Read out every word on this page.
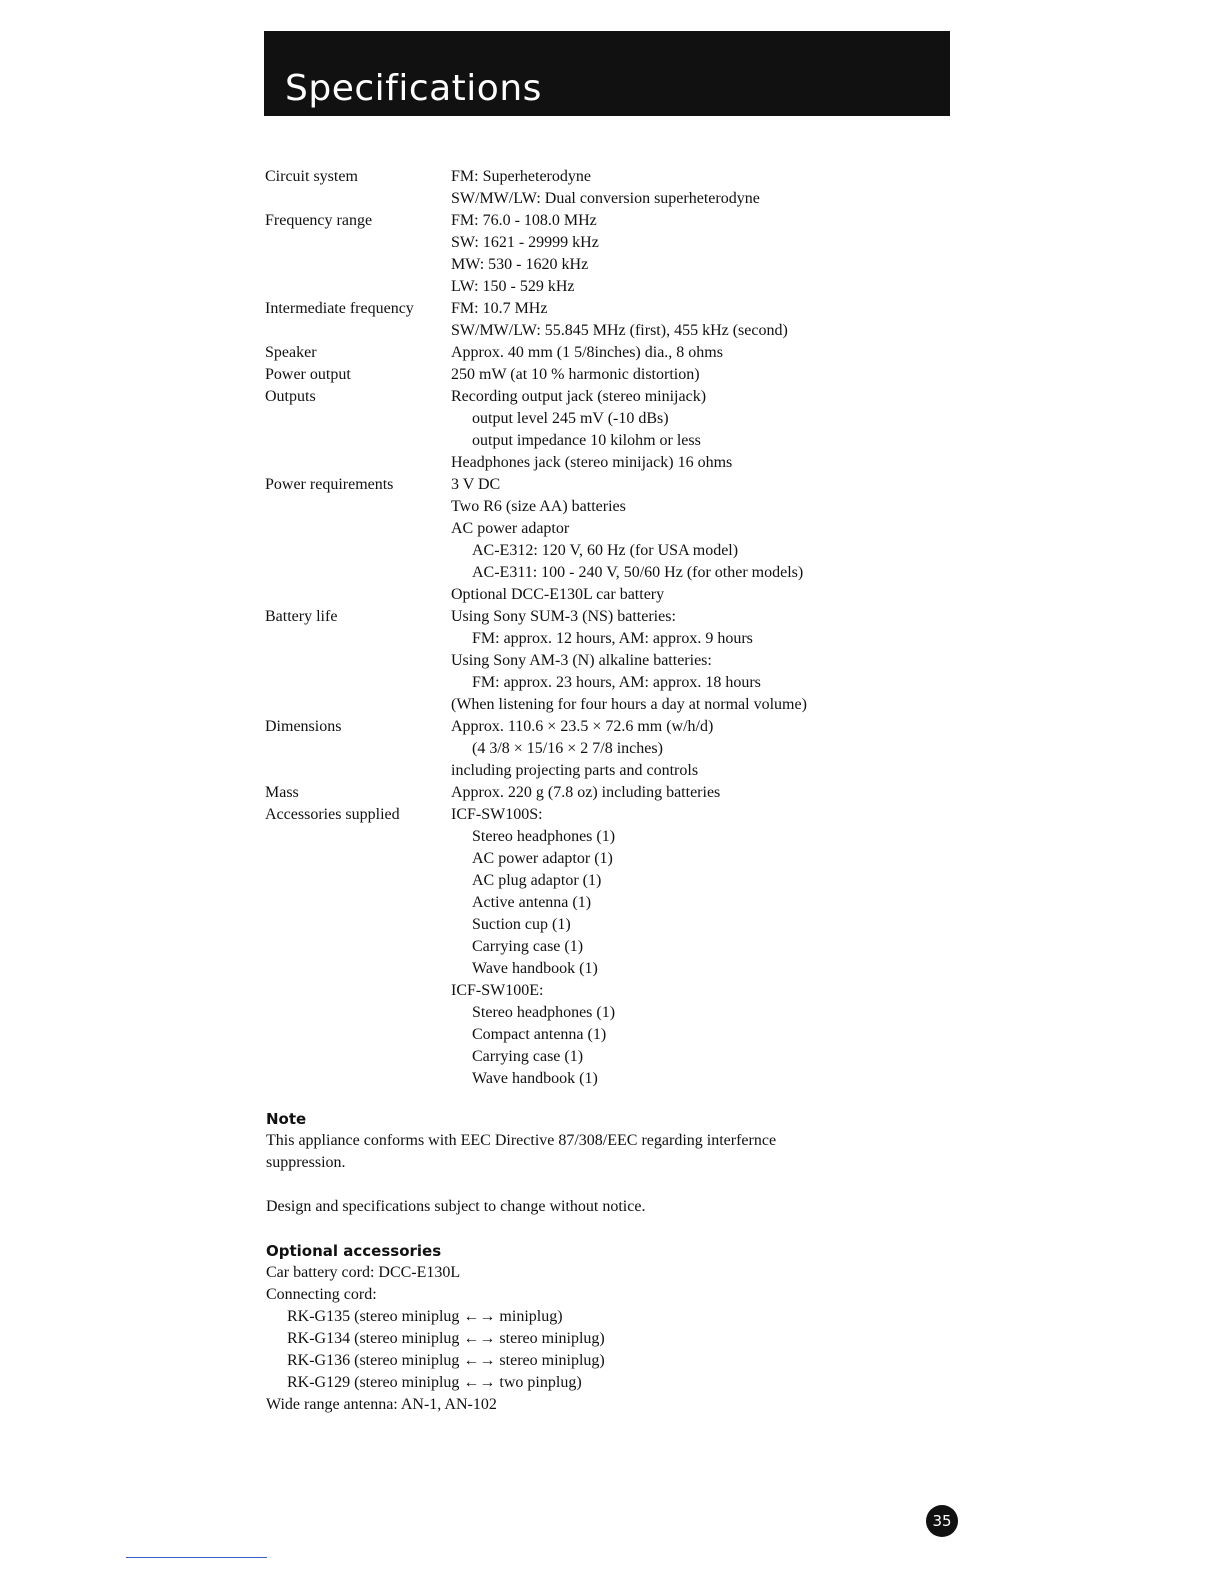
Specifications
Circuit system	FM: Superheterodyne
SW/MW/LW: Dual conversion superheterodyne
Frequency range	FM: 76.0 - 108.0 MHz
SW: 1621 - 29999 kHz
MW: 530 - 1620 kHz
LW: 150 - 529 kHz
Intermediate frequency	FM: 10.7 MHz
SW/MW/LW: 55.845 MHz (first), 455 kHz (second)
Speaker	Approx. 40 mm (1 5/8inches) dia., 8 ohms
Power output	250 mW (at 10 % harmonic distortion)
Outputs	Recording output jack (stereo minijack)
output level 245 mV (-10 dBs)
output impedance 10 kilohm or less
Headphones jack (stereo minijack) 16 ohms
Power requirements	3 V DC
Two R6 (size AA) batteries
AC power adaptor
AC-E312: 120 V, 60 Hz (for USA model)
AC-E311: 100 - 240 V, 50/60 Hz (for other models)
Optional DCC-E130L car battery
Battery life	Using Sony SUM-3 (NS) batteries:
FM: approx. 12 hours, AM: approx. 9 hours
Using Sony AM-3 (N) alkaline batteries:
FM: approx. 23 hours, AM: approx. 18 hours
(When listening for four hours a day at normal volume)
Dimensions	Approx. 110.6 × 23.5 × 72.6 mm (w/h/d)
(4 3/8 × 15/16 × 2 7/8 inches)
including projecting parts and controls
Mass	Approx. 220 g (7.8 oz) including batteries
Accessories supplied	ICF-SW100S:
Stereo headphones (1)
AC power adaptor (1)
AC plug adaptor (1)
Active antenna (1)
Suction cup (1)
Carrying case (1)
Wave handbook (1)
ICF-SW100E:
Stereo headphones (1)
Compact antenna (1)
Carrying case (1)
Wave handbook (1)
Note
This appliance conforms with EEC Directive 87/308/EEC regarding interfernce
suppression.
Design and specifications subject to change without notice.
Optional accessories
Car battery cord: DCC-E130L
Connecting cord:
RK-G135 (stereo miniplug ←→ miniplug)
RK-G134 (stereo miniplug ←→ stereo miniplug)
RK-G136 (stereo miniplug ←→ stereo miniplug)
RK-G129 (stereo miniplug ←→ two pinplug)
Wide range antenna: AN-1, AN-102
35
